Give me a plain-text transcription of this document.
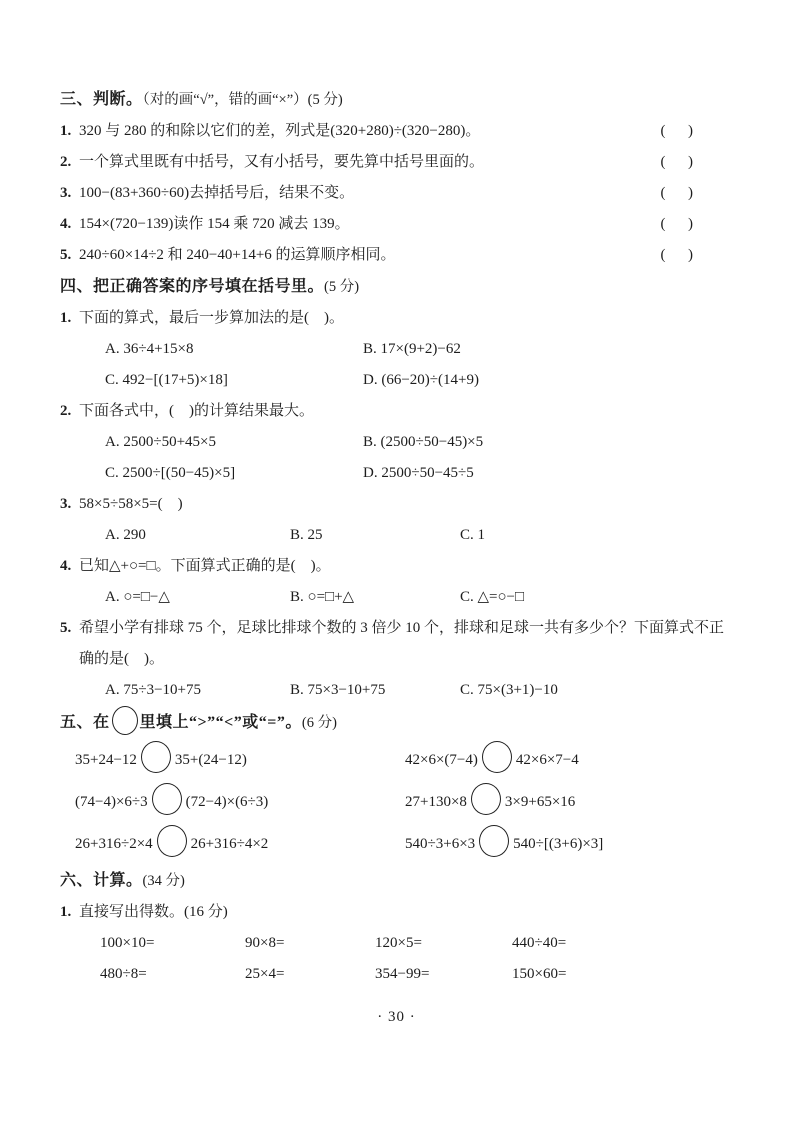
三、判断。（对的画“√”，错的画“×”）(5 分)
1. 320 与 280 的和除以它们的差，列式是(320+280)÷(320−280)。	(      )
2. 一个算式里既有中括号，又有小括号，要先算中括号里面的。	(      )
3. 100−(83+360÷60)去掉括号后，结果不变。	(      )
4. 154×(720−139)读作 154 乘 720 减去 139。	(      )
5. 240÷60×14÷2 和 240−40+14+6 的运算顺序相同。	(      )
四、把正确答案的序号填在括号里。(5 分)
1. 下面的算式，最后一步算加法的是(    )。
A. 36÷4+15×8	B. 17×(9+2)−62
C. 492−[(17+5)×18]	D. (66−20)÷(14+9)
2. 下面各式中，(    )的计算结果最大。
A. 2500÷50+45×5	B. (2500÷50−45)×5
C. 2500÷[(50−45)×5]	D. 2500÷50−45÷5
3. 58×5÷58×5=(    )
A. 290	B. 25	C. 1
4. 已知△+○=□。下面算式正确的是(    )。
A. ○=□−△	B. ○=□+△	C. △=○−□
5. 希望小学有排球 75 个，足球比排球个数的 3 倍少 10 个，排球和足球一共有多少个？下面算式不正确的是(    )。
A. 75÷3−10+75	B. 75×3−10+75	C. 75×(3+1)−10
五、在 里填上“>”“<”或“=”。(6 分)
35+24−12	35+(24−12)	42×6×(7−4)	42×6×7−4
(74−4)×6÷3	(72−4)×(6÷3)	27+130×8	3×9+65×16
26+316÷2×4	26+316÷4×2	540÷3+6×3	540÷[(3+6)×3]
六、计算。(34 分)
1. 直接写出得数。(16 分)
100×10=	90×8=	120×5=	440÷40=
480÷8=	25×4=	354−99=	150×60=
· 30 ·
